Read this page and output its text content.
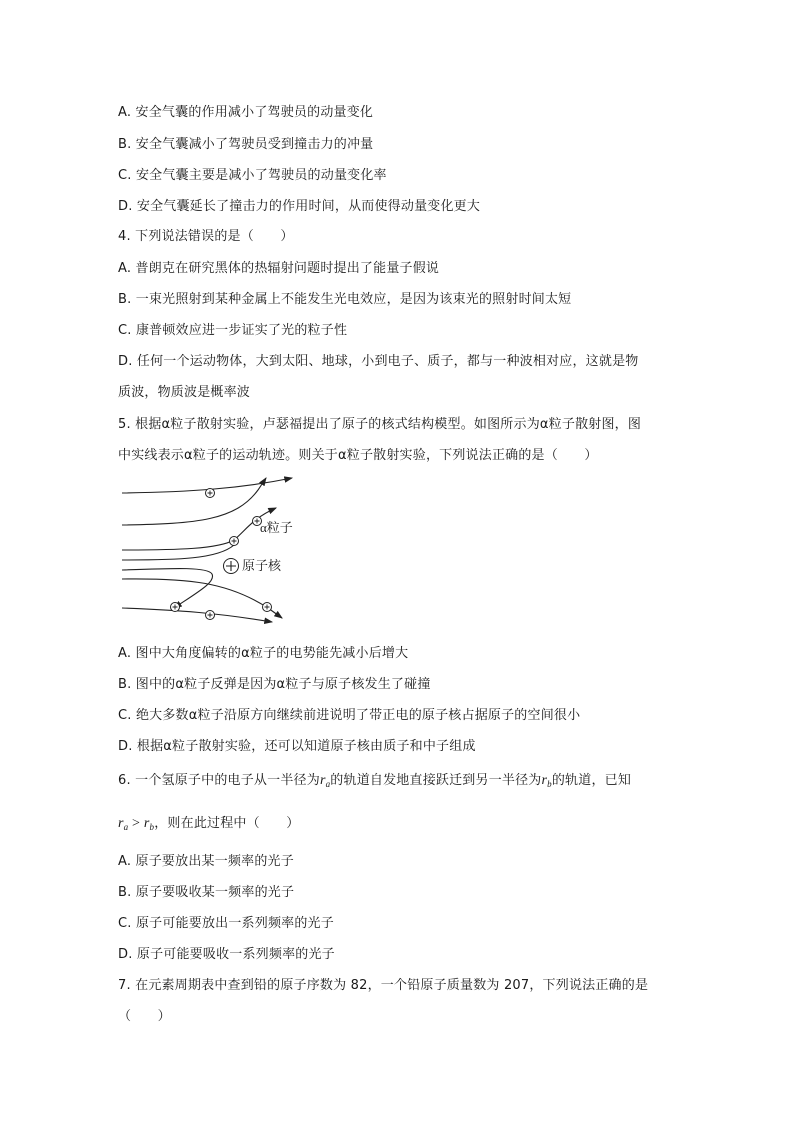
A. 安全气囊的作用减小了驾驶员的动量变化
B. 安全气囊减小了驾驶员受到撞击力的冲量
C. 安全气囊主要是减小了驾驶员的动量变化率
D. 安全气囊延长了撞击力的作用时间，从而使得动量变化更大
4. 下列说法错误的是（　　）
A. 普朗克在研究黑体的热辐射问题时提出了能量子假说
B. 一束光照射到某种金属上不能发生光电效应，是因为该束光的照射时间太短
C. 康普顿效应进一步证实了光的粒子性
D. 任何一个运动物体，大到太阳、地球，小到电子、质子，都与一种波相对应，这就是物
质波，物质波是概率波
5. 根据α粒子散射实验，卢瑟福提出了原子的核式结构模型。如图所示为α粒子散射图，图
中实线表示α粒子的运动轨迹。则关于α粒子散射实验，下列说法正确的是（　　）
α粒子
原子核
A. 图中大角度偏转的α粒子的电势能先减小后增大
B. 图中的α粒子反弹是因为α粒子与原子核发生了碰撞
C. 绝大多数α粒子沿原方向继续前进说明了带正电的原子核占据原子的空间很小
D. 根据α粒子散射实验，还可以知道原子核由质子和中子组成
6. 一个氢原子中的电子从一半径为$r_a$的轨道自发地直接跃迁到另一半径为$r_b$的轨道，已知
$r_a > r_b$，则在此过程中（　　）
A. 原子要放出某一频率的光子
B. 原子要吸收某一频率的光子
C. 原子可能要放出一系列频率的光子
D. 原子可能要吸收一系列频率的光子
7. 在元素周期表中查到铅的原子序数为 82，一个铅原子质量数为 207，下列说法正确的是
（　　）
